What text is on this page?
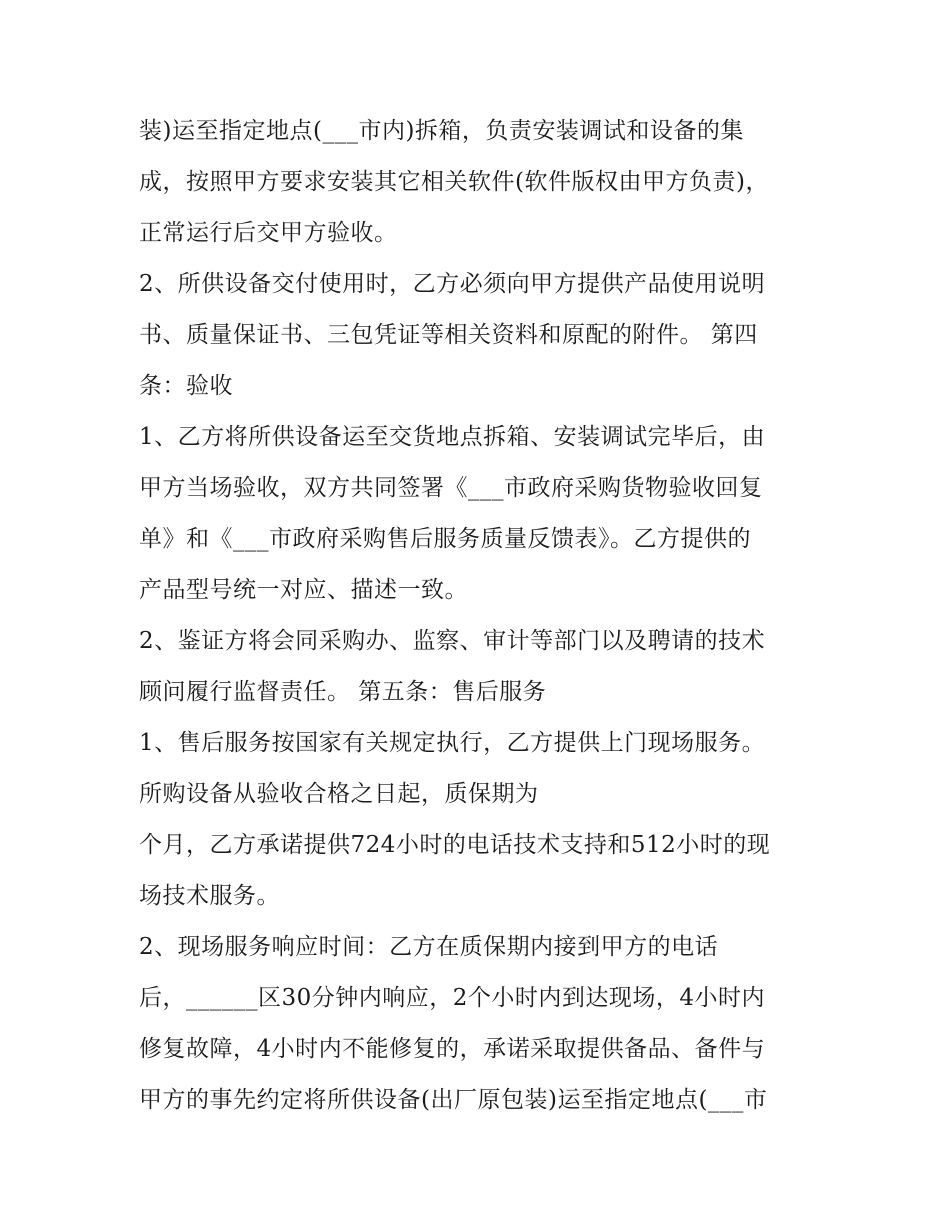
装)运至指定地点(___市内)拆箱，负责安装调试和设备的集
成，按照甲方要求安装其它相关软件(软件版权由甲方负责)，
正常运行后交甲方验收。
2、所供设备交付使用时，乙方必须向甲方提供产品使用说明
书、质量保证书、三包凭证等相关资料和原配的附件。 第四
条：验收
1、乙方将所供设备运至交货地点拆箱、安装调试完毕后，由
甲方当场验收，双方共同签署《___市政府采购货物验收回复
单》和《___市政府采购售后服务质量反馈表》。乙方提供的
产品型号统一对应、描述一致。
2、鉴证方将会同采购办、监察、审计等部门以及聘请的技术
顾问履行监督责任。 第五条：售后服务
1、售后服务按国家有关规定执行，乙方提供上门现场服务。
所购设备从验收合格之日起，质保期为
个月，乙方承诺提供724小时的电话技术支持和512小时的现
场技术服务。
2、现场服务响应时间：乙方在质保期内接到甲方的电话
后，______区30分钟内响应，2个小时内到达现场，4小时内
修复故障，4小时内不能修复的，承诺采取提供备品、备件与
甲方的事先约定将所供设备(出厂原包装)运至指定地点(___市
